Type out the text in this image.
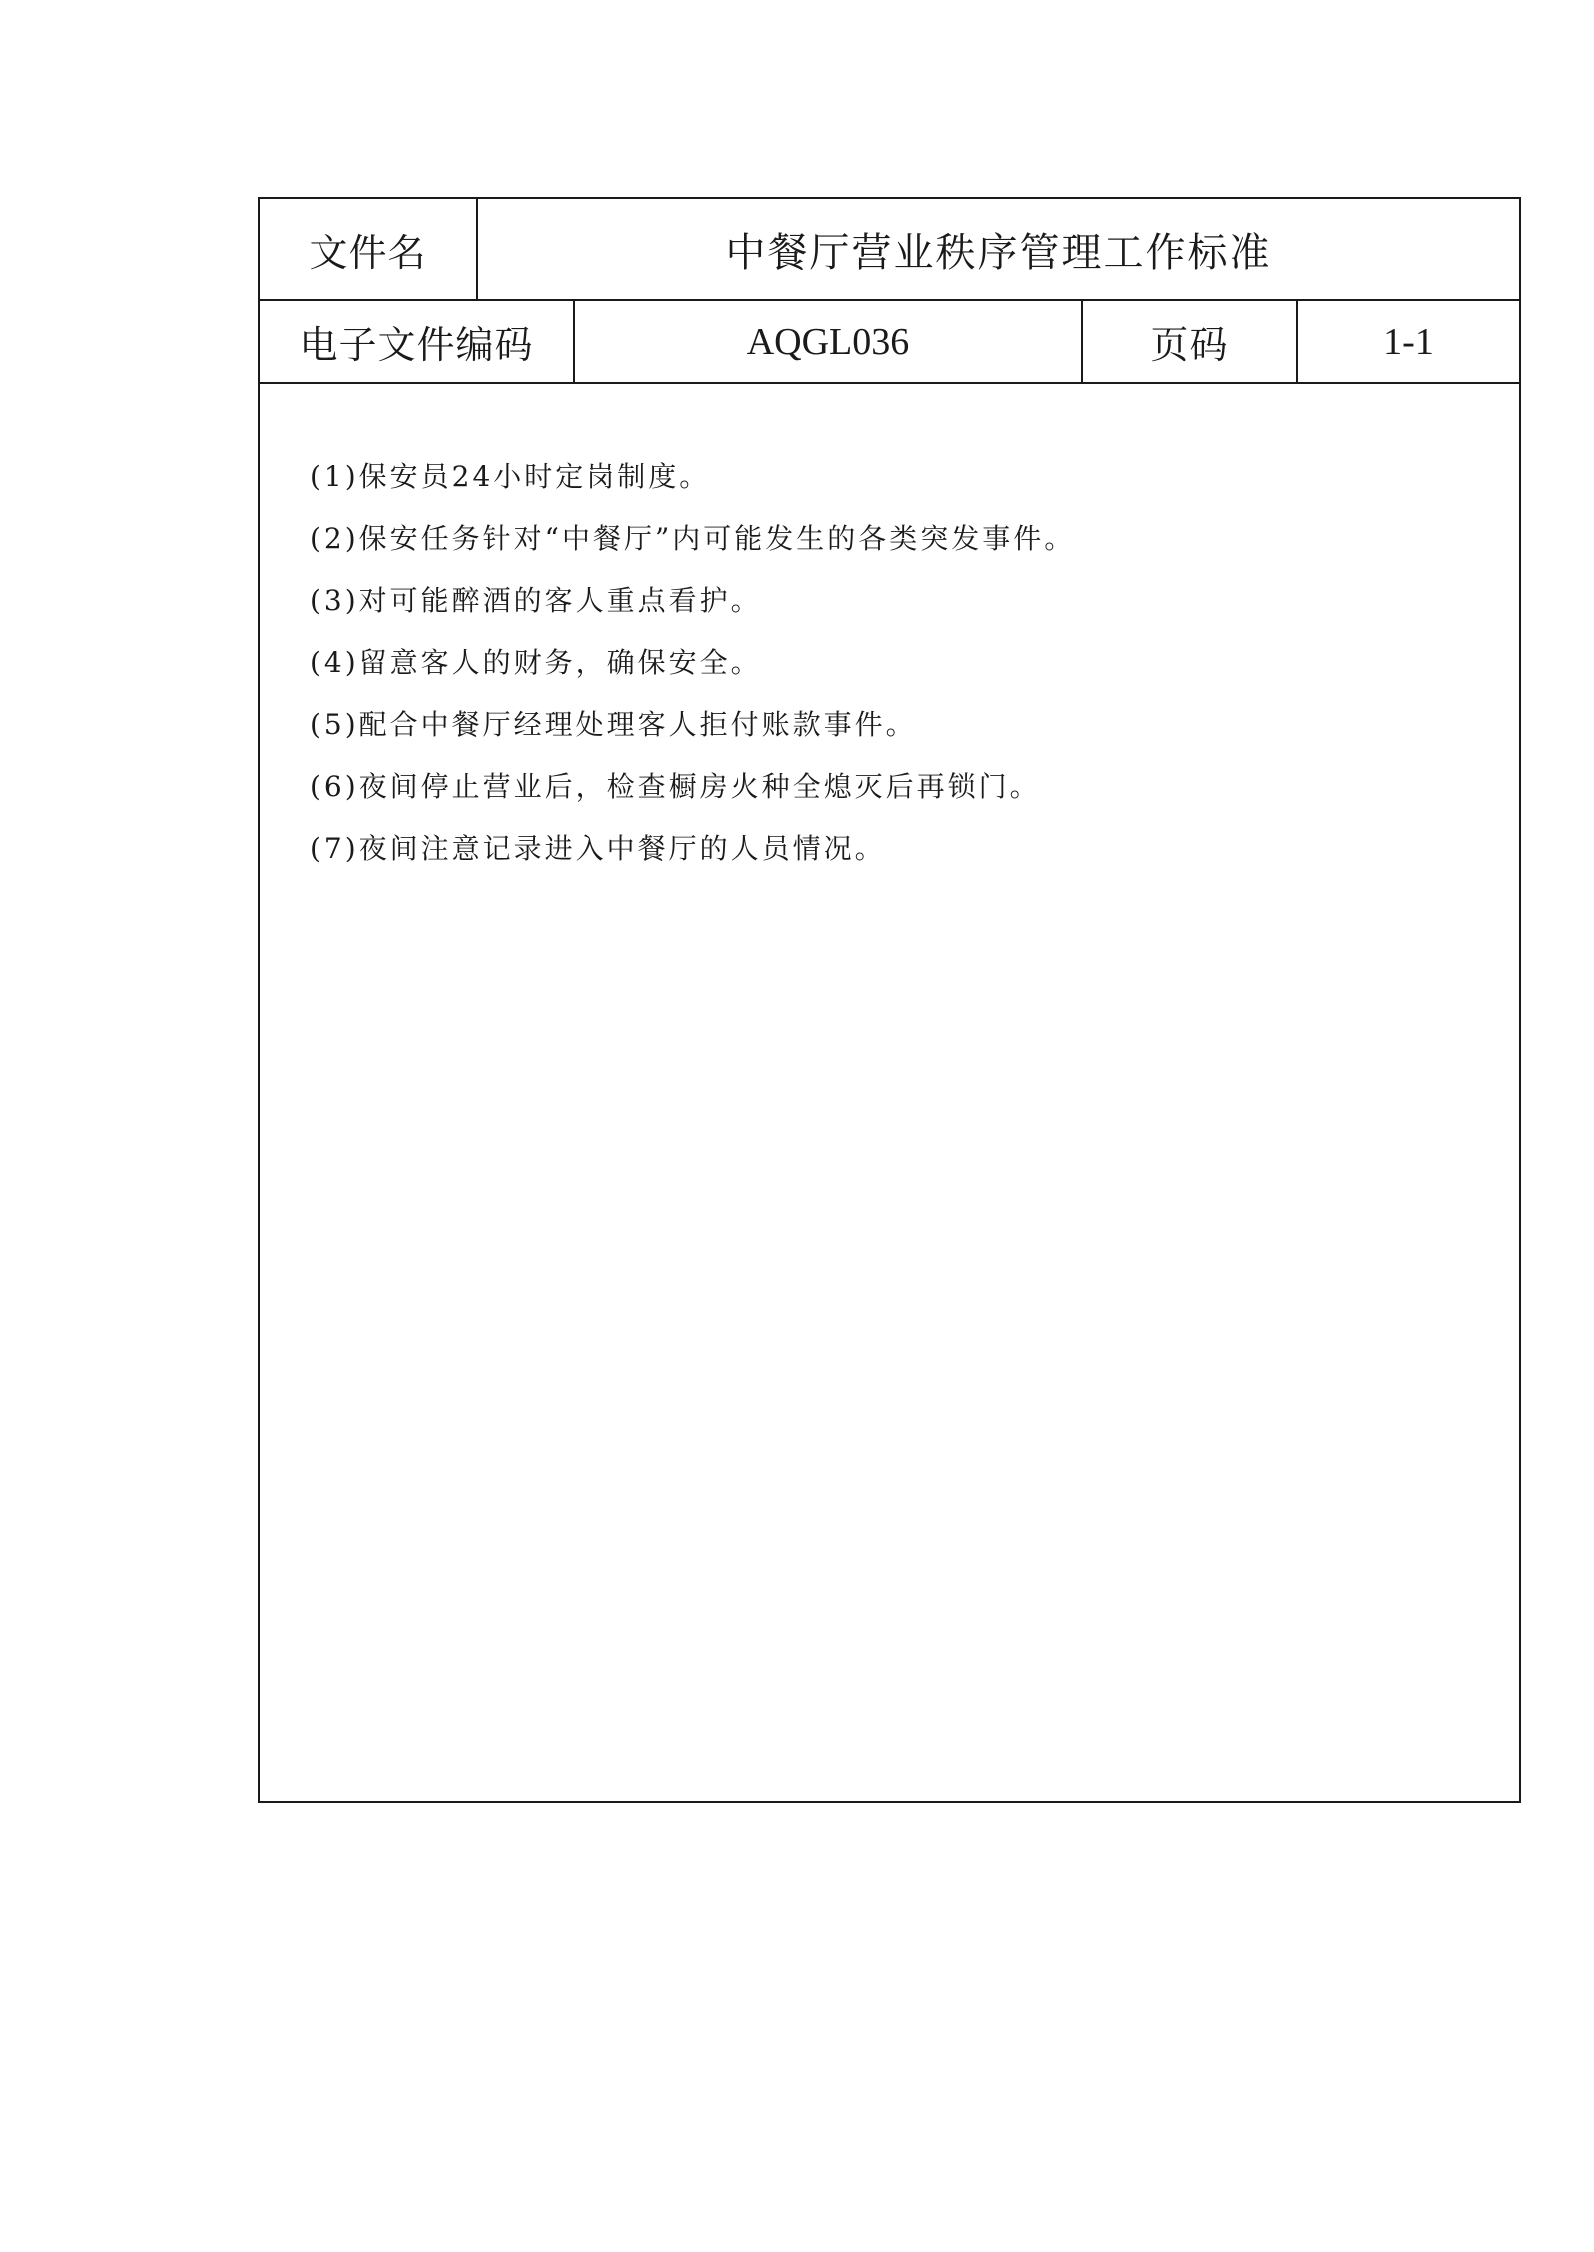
文件名	中餐厅营业秩序管理工作标准
电子文件编码	AQGL036	页码	1-1
(1)保安员24小时定岗制度。
(2)保安任务针对“中餐厅”内可能发生的各类突发事件。
(3)对可能醉酒的客人重点看护。
(4)留意客人的财务，确保安全。
(5)配合中餐厅经理处理客人拒付账款事件。
(6)夜间停止营业后，检查橱房火种全熄灭后再锁门。
(7)夜间注意记录进入中餐厅的人员情况。
